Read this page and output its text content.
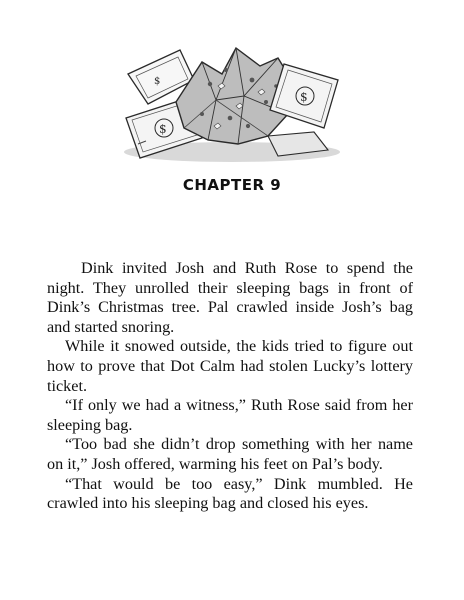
$
$
$
CHAPTER 9

Dink invited Josh and Ruth Rose to spend the night. They unrolled their sleeping bags in front of Dink’s Christmas tree. Pal crawled inside Josh’s bag and started snoring.

While it snowed outside, the kids tried to figure out how to prove that Dot Calm had stolen Lucky’s lottery ticket.

“If only we had a witness,” Ruth Rose said from her sleeping bag.

“Too bad she didn’t drop something with her name on it,” Josh offered, warming his feet on Pal’s body.

“That would be too easy,” Dink mumbled. He crawled into his sleeping bag and closed his eyes.
